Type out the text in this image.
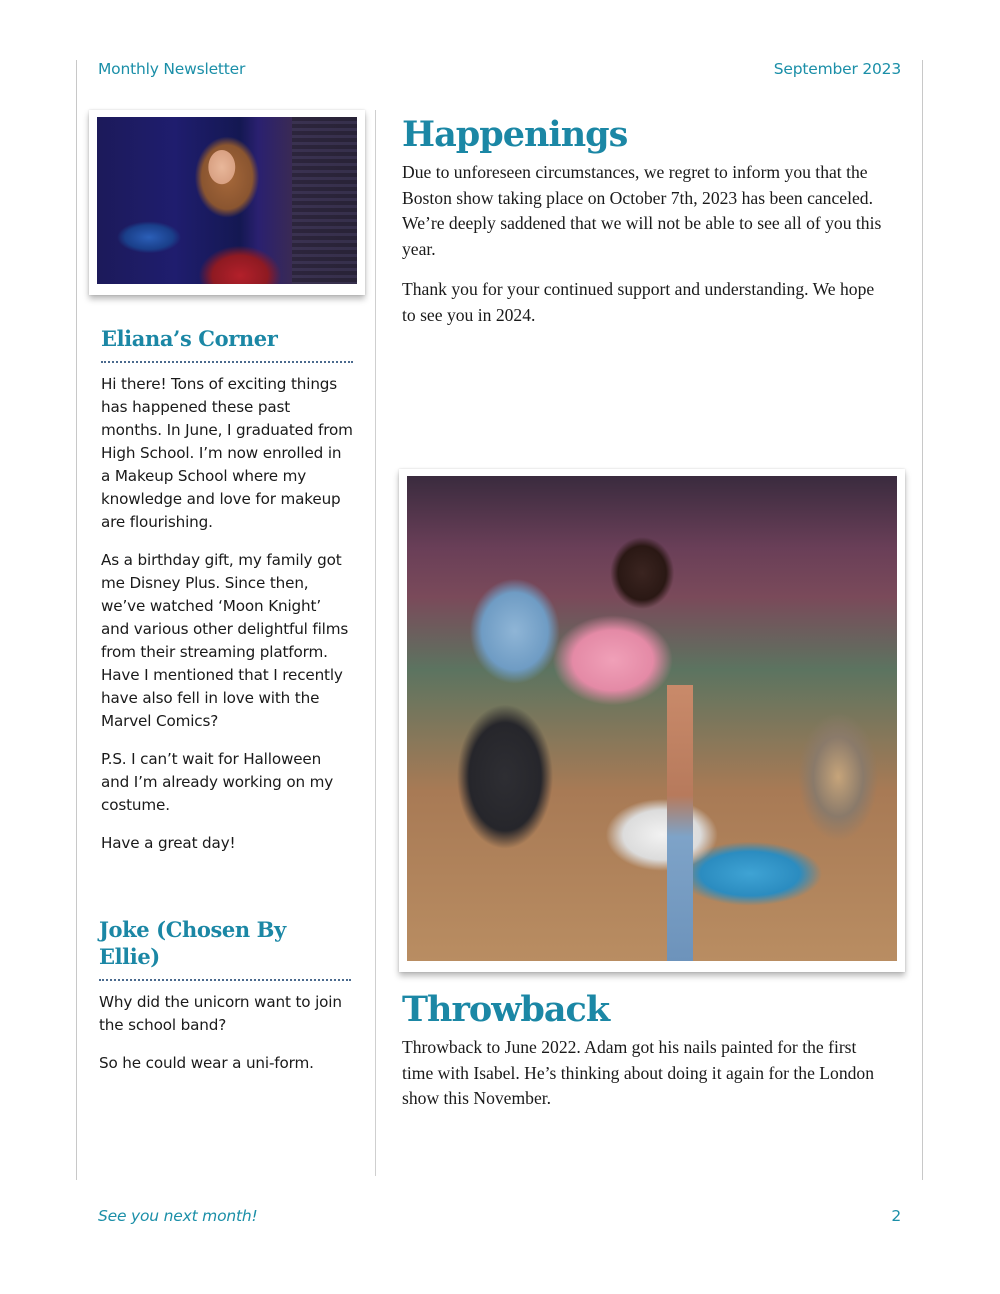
Monthly Newsletter	September 2023
Eliana’s Corner

Hi there! Tons of exciting things has happened these past months. In June, I graduated from High School. I’m now enrolled in a Makeup School where my knowledge and love for makeup are flourishing.

As a birthday gift, my family got me Disney Plus. Since then, we’ve watched ‘Moon Knight’ and various other delightful films from their streaming platform. Have I mentioned that I recently have also fell in love with the Marvel Comics?

P.S. I can’t wait for Halloween and I’m already working on my costume.

Have a great day!

Joke (Chosen By Ellie)

Why did the unicorn want to join the school band?

So he could wear a uni-form.

Happenings

Due to unforeseen circumstances, we regret to inform you that the Boston show taking place on October 7th, 2023 has been canceled. We’re deeply saddened that we will not be able to see all of you this year.

Thank you for your continued support and understanding. We hope to see you in 2024.

Throwback

Throwback to June 2022. Adam got his nails painted for the first time with Isabel. He’s thinking about doing it again for the London show this November.

See you next month!	2
